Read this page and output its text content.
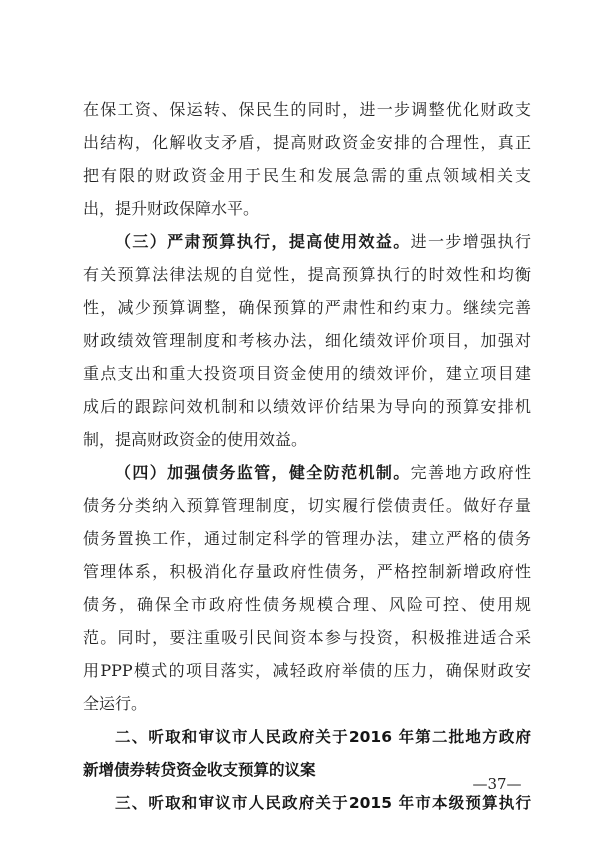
在保工资、保运转、保民生的同时，进一步调整优化财政支
出结构，化解收支矛盾，提高财政资金安排的合理性，真正
把有限的财政资金用于民生和发展急需的重点领域相关支
出，提升财政保障水平。
（三）严肃预算执行，提高使用效益。进一步增强执行
有关预算法律法规的自觉性，提高预算执行的时效性和均衡
性，减少预算调整，确保预算的严肃性和约束力。继续完善
财政绩效管理制度和考核办法，细化绩效评价项目，加强对
重点支出和重大投资项目资金使用的绩效评价，建立项目建
成后的跟踪问效机制和以绩效评价结果为导向的预算安排机
制，提高财政资金的使用效益。
（四）加强债务监管，健全防范机制。完善地方政府性
债务分类纳入预算管理制度，切实履行偿债责任。做好存量
债务置换工作，通过制定科学的管理办法，建立严格的债务
管理体系，积极消化存量政府性债务，严格控制新增政府性
债务，确保全市政府性债务规模合理、风险可控、使用规
范。同时，要注重吸引民间资本参与投资，积极推进适合采
用PPP模式的项目落实，减轻政府举债的压力，确保财政安
全运行。
二、听取和审议市人民政府关于2016 年第二批地方政府
新增债券转贷资金收支预算的议案
三、听取和审议市人民政府关于2015 年市本级预算执行
—37—
